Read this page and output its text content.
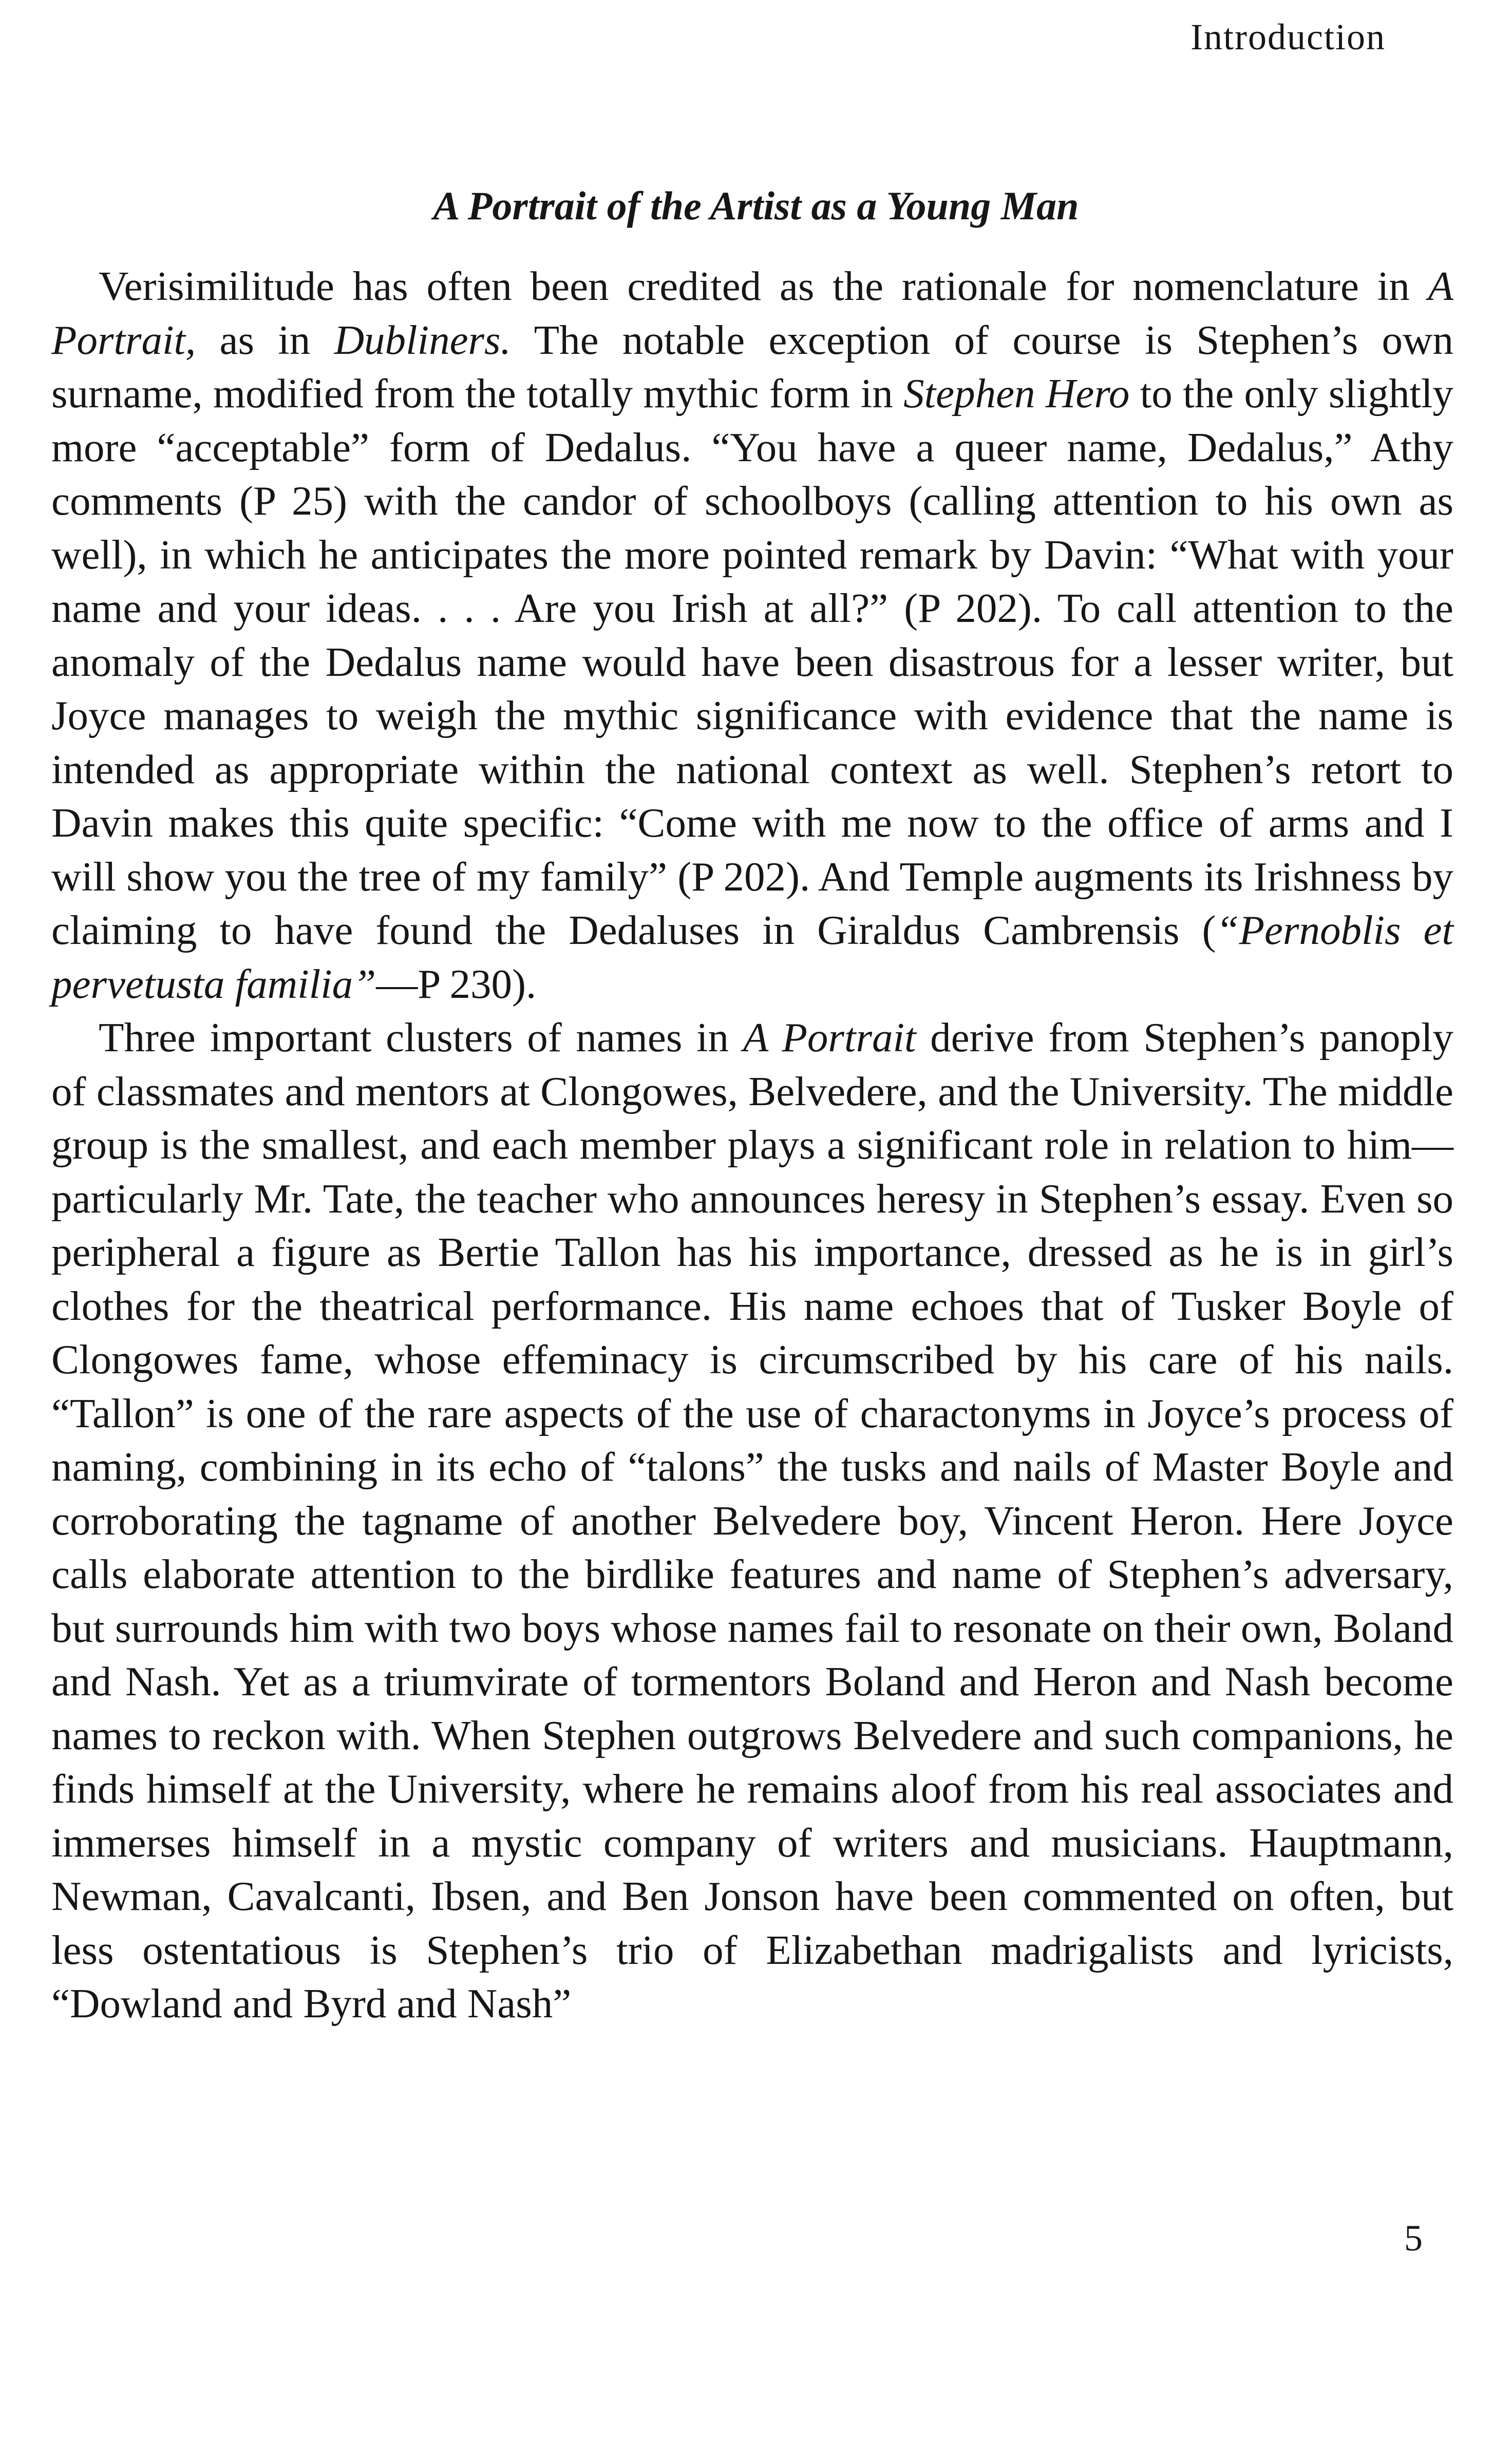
Introduction
A Portrait of the Artist as a Young Man

Verisimilitude has often been credited as the rationale for nomenclature in A Portrait, as in Dubliners. The notable exception of course is Stephen’s own surname, modified from the totally mythic form in Stephen Hero to the only slightly more “acceptable” form of Dedalus. “You have a queer name, Dedalus,” Athy comments (P 25) with the candor of schoolboys (calling attention to his own as well), in which he anticipates the more pointed remark by Davin: “What with your name and your ideas. . . . Are you Irish at all?” (P 202). To call attention to the anomaly of the Dedalus name would have been disastrous for a lesser writer, but Joyce manages to weigh the mythic significance with evidence that the name is intended as appropriate within the national context as well. Stephen’s retort to Davin makes this quite specific: “Come with me now to the office of arms and I will show you the tree of my family” (P 202). And Temple augments its Irishness by claiming to have found the Dedaluses in Giraldus Cambrensis (“Pernoblis et pervetusta familia”—P 230).

Three important clusters of names in A Portrait derive from Stephen’s panoply of classmates and mentors at Clongowes, Belvedere, and the University. The middle group is the smallest, and each member plays a significant role in relation to him—particularly Mr. Tate, the teacher who announces heresy in Stephen’s essay. Even so peripheral a figure as Bertie Tallon has his importance, dressed as he is in girl’s clothes for the theatrical performance. His name echoes that of Tusker Boyle of Clongowes fame, whose effeminacy is circumscribed by his care of his nails. “Tallon” is one of the rare aspects of the use of charactonyms in Joyce’s process of naming, combining in its echo of “talons” the tusks and nails of Master Boyle and corroborating the tagname of another Belvedere boy, Vincent Heron. Here Joyce calls elaborate attention to the birdlike features and name of Stephen’s adversary, but surrounds him with two boys whose names fail to resonate on their own, Boland and Nash. Yet as a triumvirate of tormentors Boland and Heron and Nash become names to reckon with. When Stephen outgrows Belvedere and such companions, he finds himself at the University, where he remains aloof from his real associates and immerses himself in a mystic company of writers and musicians. Hauptmann, Newman, Cavalcanti, Ibsen, and Ben Jonson have been commented on often, but less ostentatious is Stephen’s trio of Elizabethan madrigalists and lyricists, “Dowland and Byrd and Nash”

5
